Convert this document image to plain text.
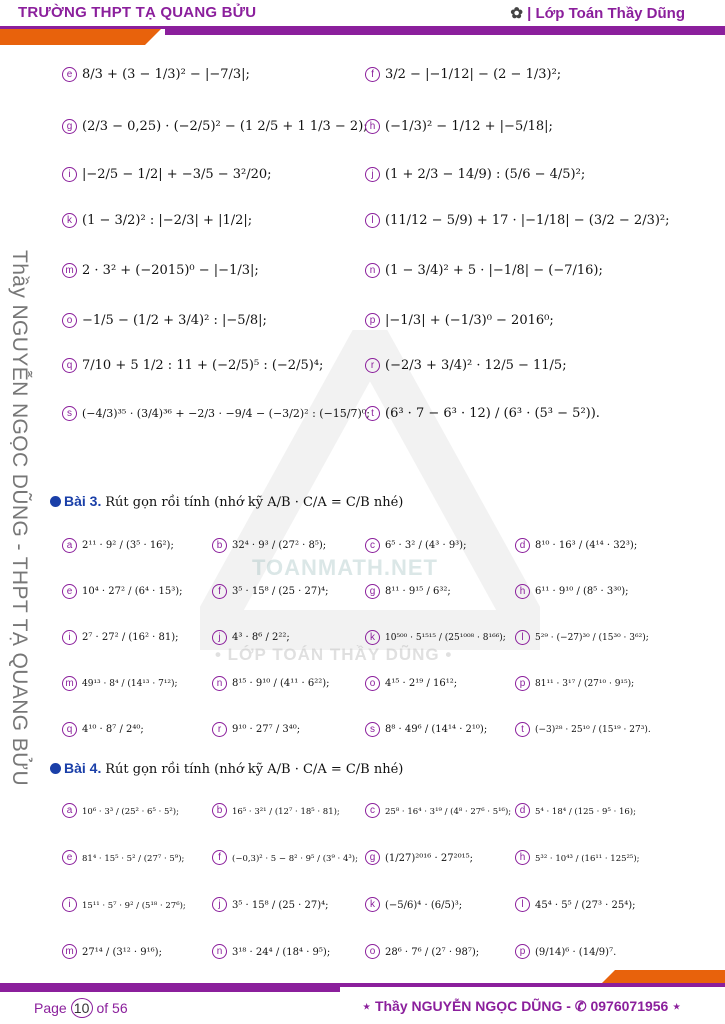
TRƯỜNG THPT TẠ QUANG BỬU	✿ | Lớp Toán Thầy Dũng
Thầy NGUYỄN NGỌC DŨNG - THPT TẠ QUANG BỬU	TOANMATH.NET
• LỚP TOÁN THẦY DŨNG •
e 8/3 + (3 − 1/3)² − |−7/3|;	f 3/2 − |−1/12| − (2 − 1/3)²;
g (2/3 − 0,25) · (−2/5)² − (1 2/5 + 1 1/3 − 2); h (−1/3)² − 1/12 + |−5/18|;
i |−2/5 − 1/2| + −3/5 − 3²/20;	j (1 + 2/3 − 14/9) : (5/6 − 4/5)²;
k (1 − 3/2)² : |−2/3| + |1/2|;	l (11/12 − 5/9) + 17 · |−1/18| − (3/2 − 2/3)²;
m 2 · 3² + (−2015)⁰ − |−1/3|;	n (1 − 3/4)² + 5 · |−1/8| − (−7/16);
o −1/5 − (1/2 + 3/4)² : |−5/8|;	p |−1/3| + (−1/3)⁰ − 2016⁰;
q 7/10 + 5 1/2 : 11 + (−2/5)⁵ : (−2/5)⁴;	r (−2/3 + 3/4)² · 12/5 − 11/5;
s (−4/3)³⁵ · (3/4)³⁶ + −2/3 · −9/4 − (−3/2)² : (−15/7)⁰; t (6³ · 7 − 6³ · 12) / (6³ · (5³ − 5²)).
Bài 3. Rút gọn rồi tính (nhớ kỹ A/B · C/A = C/B nhé)
a 2¹¹ · 9² / (3⁵ · 16²);	b 32⁴ · 9³ / (27² · 8⁵);	c 6⁵ · 3² / (4³ · 9³);	d 8¹⁰ · 16³ / (4¹⁴ · 32³);
e 10⁴ · 27² / (6⁴ · 15³);	f 3⁵ · 15⁸ / (25 · 27)⁴;	g 8¹¹ · 9¹⁵ / 6³²;	h 6¹¹ · 9¹⁰ / (8⁵ · 3³⁰);
i 2⁷ · 27² / (16² · 81);	j 4³ · 8⁶ / 2²²;	k 10⁵⁰⁰ · 5¹⁵¹⁵ / (25¹⁰⁰⁸ · 8¹⁶⁶);	l 5²⁹ · (−27)³⁰ / (15³⁰ · 3⁶²);
m 49¹³ · 8⁴ / (14¹³ · 7¹²);	n 8¹⁵ · 9¹⁰ / (4¹¹ · 6²²);	o 4¹⁵ · 2¹⁹ / 16¹²;	p 81¹¹ · 3¹⁷ / (27¹⁰ · 9¹⁵);
q 4¹⁰ · 8⁷ / 2⁴⁰;	r 9¹⁰ · 27⁷ / 3⁴⁰;	s 8⁸ · 49⁶ / (14¹⁴ · 2¹⁰);	t (−3)²⁸ · 25¹⁰ / (15¹⁹ · 27³).
Bài 4. Rút gọn rồi tính (nhớ kỹ A/B · C/A = C/B nhé)
a 10⁶ · 3³ / (25² · 6⁵ · 5²);	b 16⁵ · 3²¹ / (12⁷ · 18⁵ · 81);	c 25⁸ · 16⁴ · 3¹⁹ / (4⁸ · 27⁶ · 5¹⁶); d 5⁴ · 18⁴ / (125 · 9⁵ · 16);
e 81⁴ · 15⁵ · 5² / (27⁷ · 5⁹);	f (−0,3)² · 5 − 8² · 9⁵ / (3⁹ · 4³);	g (1/27)²⁰¹⁶ · 27²⁰¹⁵;	h 5³² · 10⁴³ / (16¹¹ · 125²⁵);
i 15¹¹ · 5⁷ · 9² / (5¹⁸ · 27⁶);	j 3⁵ · 15⁸ / (25 · 27)⁴;	k (−5/6)⁴ · (6/5)³;	l 45⁴ · 5⁵ / (27³ · 25⁴);
m 27¹⁴ / (3¹² · 9¹⁶);	n 3¹⁸ · 24⁴ / (18⁴ · 9⁵);	o 28⁶ · 7⁶ / (2⁷ · 98⁷);	p (9/14)⁶ · (14/9)⁷.
Page 10 of 56	⋆ Thầy NGUYỄN NGỌC DŨNG - ✆ 0976071956 ⋆
